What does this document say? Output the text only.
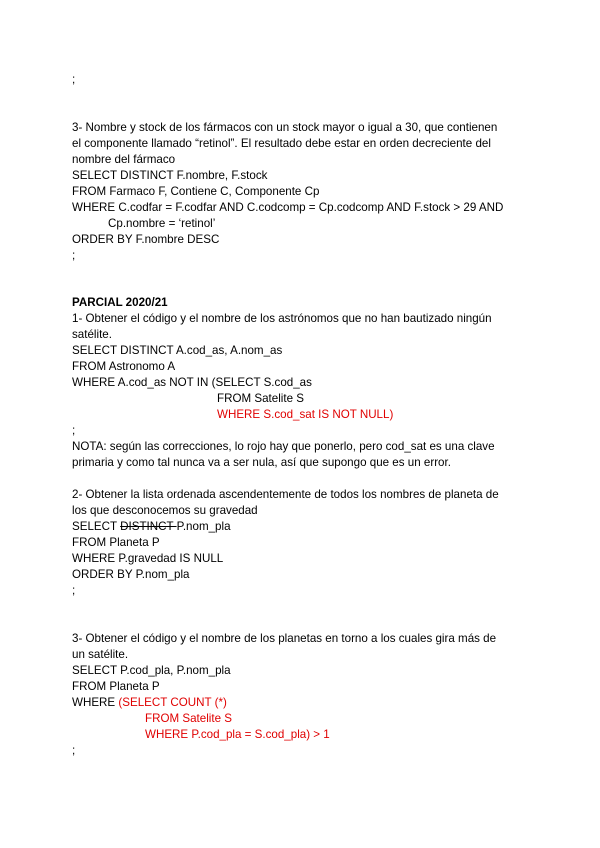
;
3- Nombre y stock de los fármacos con un stock mayor o igual a 30, que contienen
el componente llamado “retinol”. El resultado debe estar en orden decreciente del
nombre del fármaco
SELECT DISTINCT F.nombre, F.stock
FROM Farmaco F, Contiene C, Componente Cp
WHERE C.codfar = F.codfar AND C.codcomp = Cp.codcomp AND F.stock > 29 AND
Cp.nombre = ‘retinol’
ORDER BY F.nombre DESC
;
PARCIAL 2020/21
1- Obtener el código y el nombre de los astrónomos que no han bautizado ningún
satélite.
SELECT DISTINCT A.cod_as, A.nom_as
FROM Astronomo A
WHERE A.cod_as NOT IN (SELECT S.cod_as
FROM Satelite S
WHERE S.cod_sat IS NOT NULL)
;
NOTA: según las correcciones, lo rojo hay que ponerlo, pero cod_sat es una clave
primaria y como tal nunca va a ser nula, así que supongo que es un error.
2- Obtener la lista ordenada ascendentemente de todos los nombres de planeta de
los que desconocemos su gravedad
SELECT DISTINCT P.nom_pla
FROM Planeta P
WHERE P.gravedad IS NULL
ORDER BY P.nom_pla
;
3- Obtener el código y el nombre de los planetas en torno a los cuales gira más de
un satélite.
SELECT P.cod_pla, P.nom_pla
FROM Planeta P
WHERE (SELECT COUNT (*)
FROM Satelite S
WHERE P.cod_pla = S.cod_pla) > 1
;
